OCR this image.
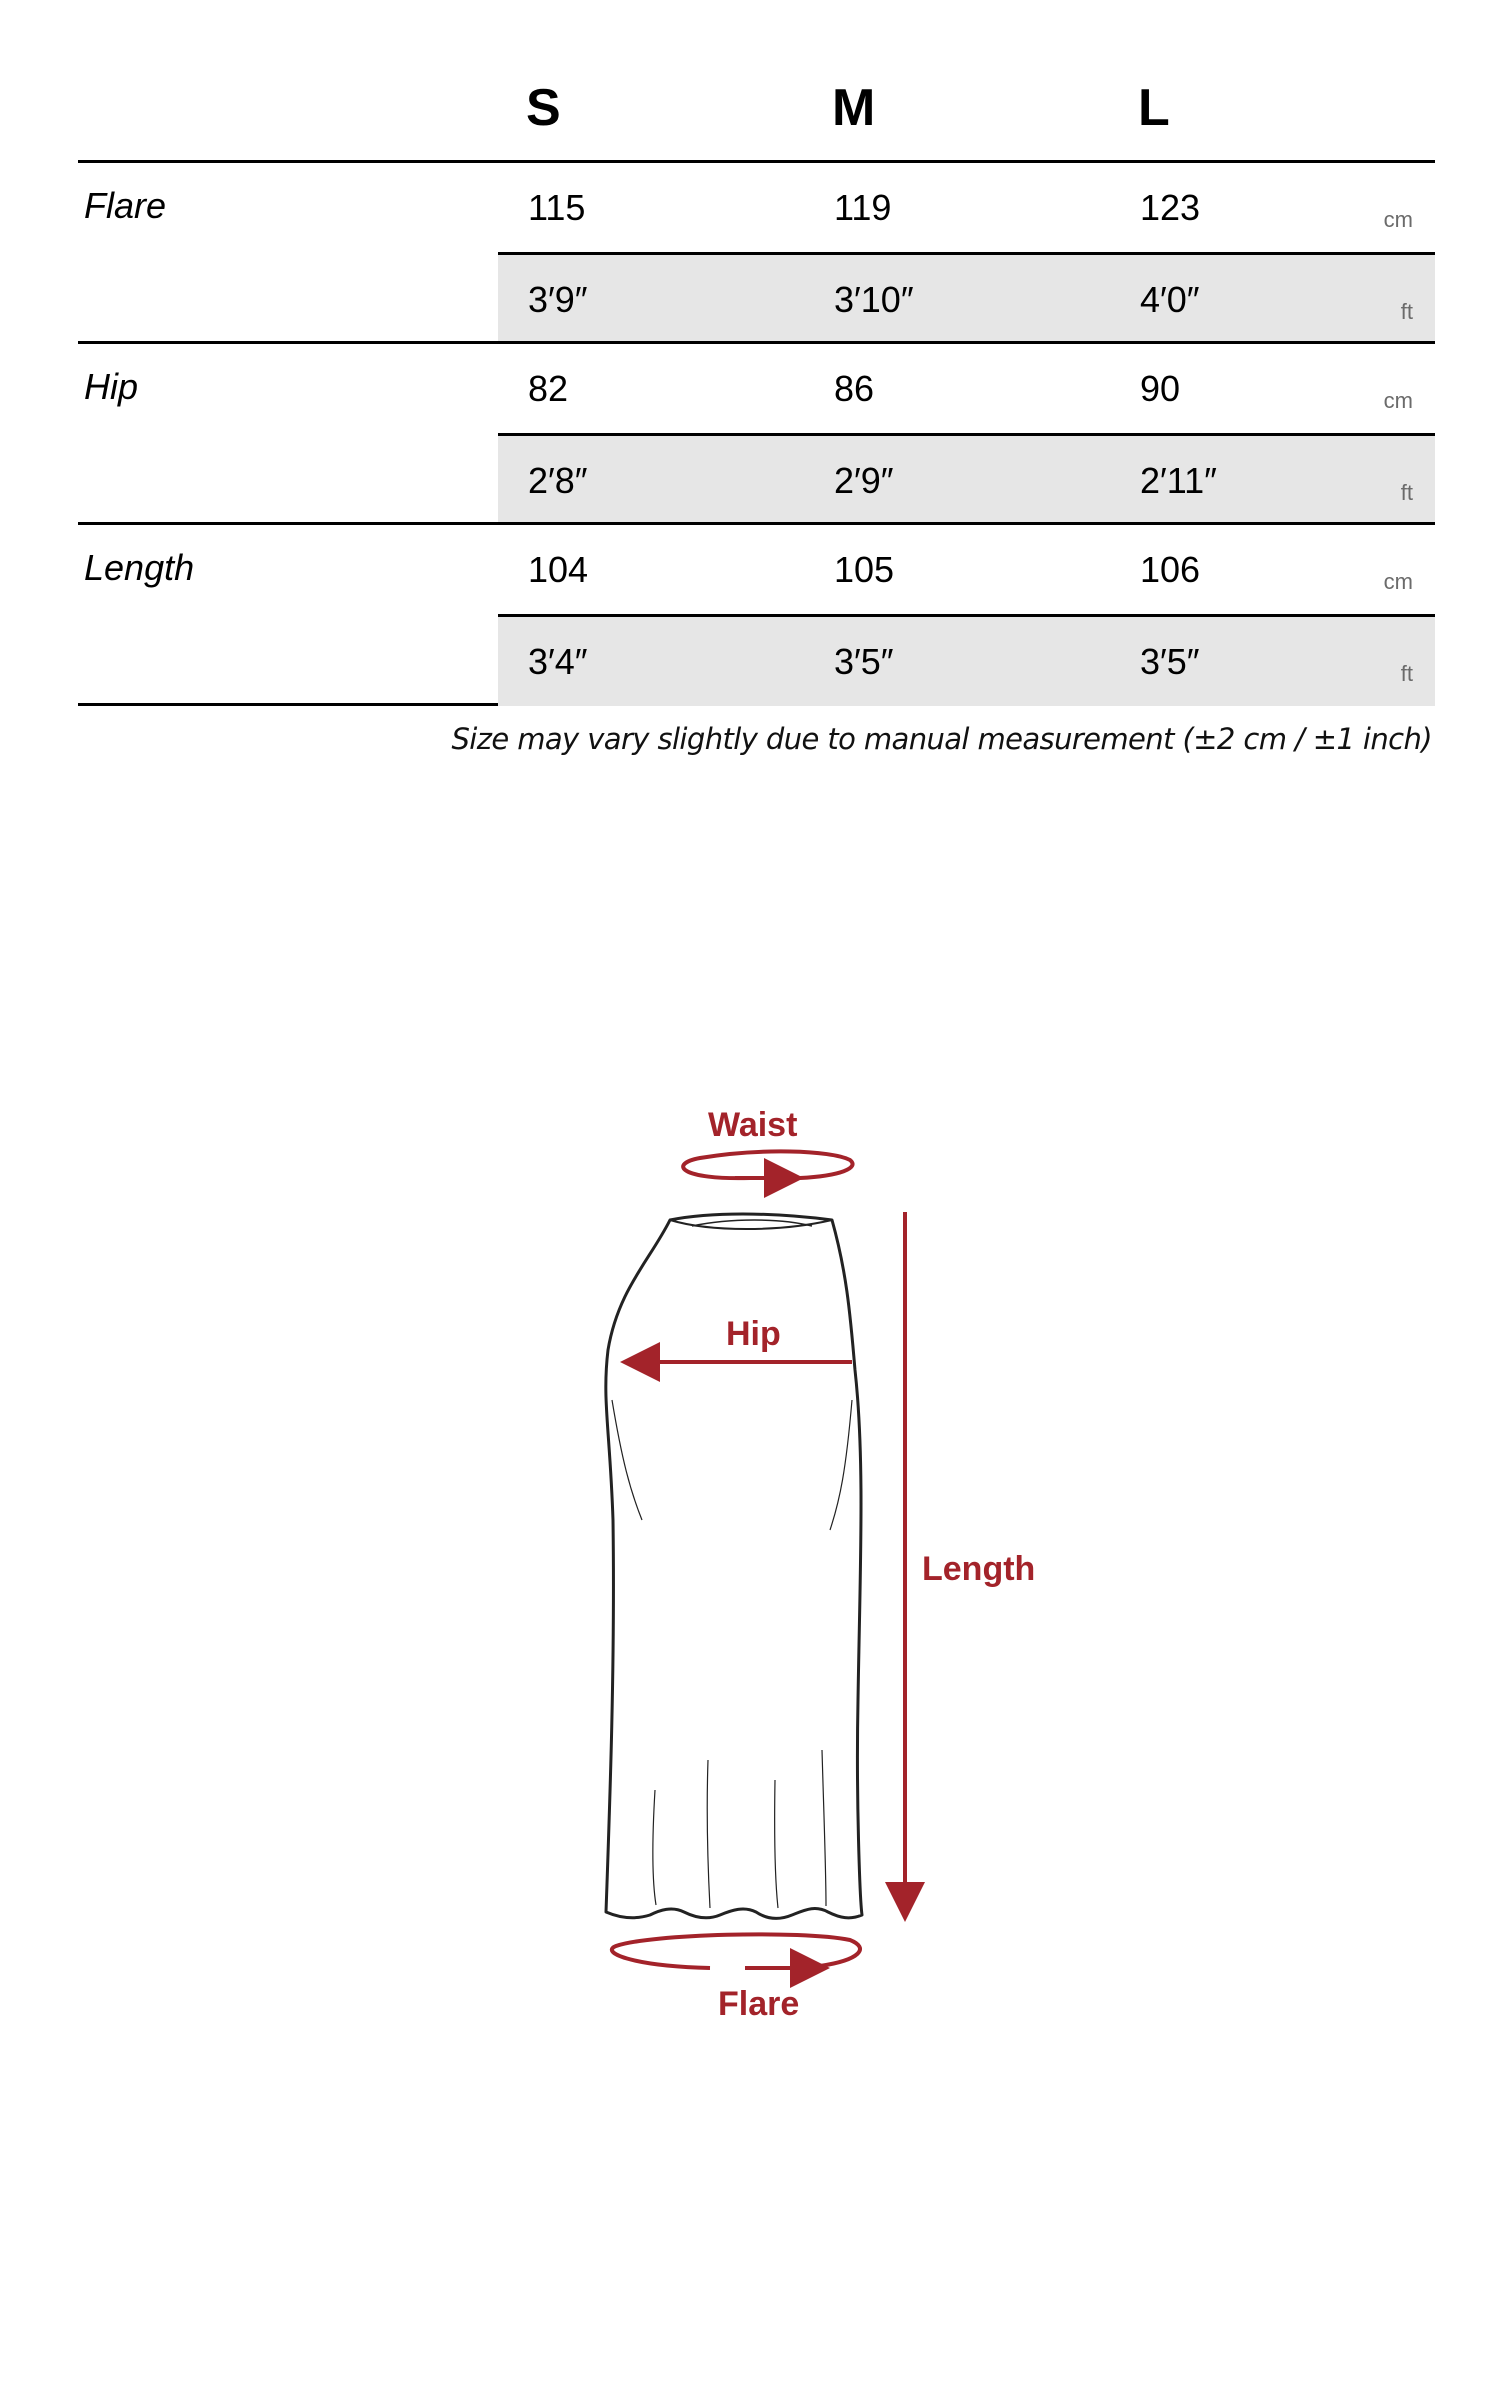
S	M	L
Flare	115	119	123	cm
3′9″	3′10″	4′0″	ft
Hip	82	86	90	cm
2′8″	2′9″	2′11″	ft
Length	104	105	106	cm
3′4″	3′5″	3′5″	ft
Size may vary slightly due to manual measurement (±2 cm / ±1 inch)
Waist
Hip
Length
Flare
